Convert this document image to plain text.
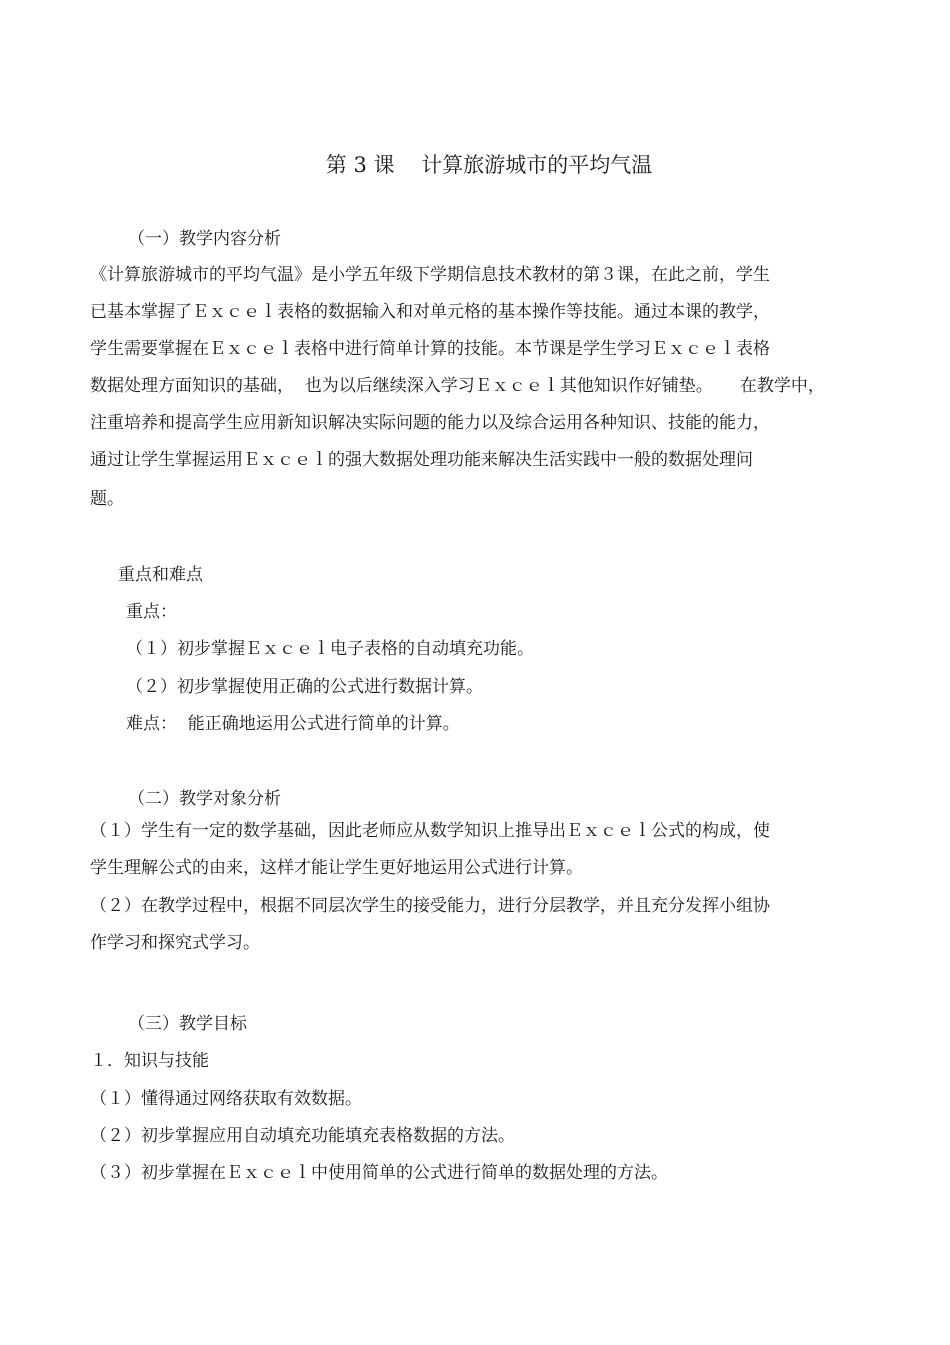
第 3 课    计算旅游城市的平均气温
（一）教学内容分析
《计算旅游城市的平均气温》是小学五年级下学期信息技术教材的第３课，在此之前，学生
已基本掌握了Ｅｘｃｅｌ表格的数据输入和对单元格的基本操作等技能。通过本课的教学，
学生需要掌握在Ｅｘｃｅｌ表格中进行简单计算的技能。本节课是学生学习Ｅｘｃｅｌ表格
数据处理方面知识的基础，  也为以后继续深入学习Ｅｘｃｅｌ其他知识作好铺垫。     在教学中，
注重培养和提高学生应用新知识解决实际问题的能力以及综合运用各种知识、技能的能力，
通过让学生掌握运用Ｅｘｃｅｌ的强大数据处理功能来解决生活实践中一般的数据处理问
题。
重点和难点
重点：
（１）初步掌握Ｅｘｃｅｌ电子表格的自动填充功能。
（２）初步掌握使用正确的公式进行数据计算。
难点：  能正确地运用公式进行简单的计算。
（二）教学对象分析
（１）学生有一定的数学基础，因此老师应从数学知识上推导出Ｅｘｃｅｌ公式的构成，使
学生理解公式的由来，这样才能让学生更好地运用公式进行计算。
（２）在教学过程中，根据不同层次学生的接受能力，进行分层教学，并且充分发挥小组协
作学习和探究式学习。
（三）教学目标
１．知识与技能
（１）懂得通过网络获取有效数据。
（２）初步掌握应用自动填充功能填充表格数据的方法。
（３）初步掌握在Ｅｘｃｅｌ中使用简单的公式进行简单的数据处理的方法。
